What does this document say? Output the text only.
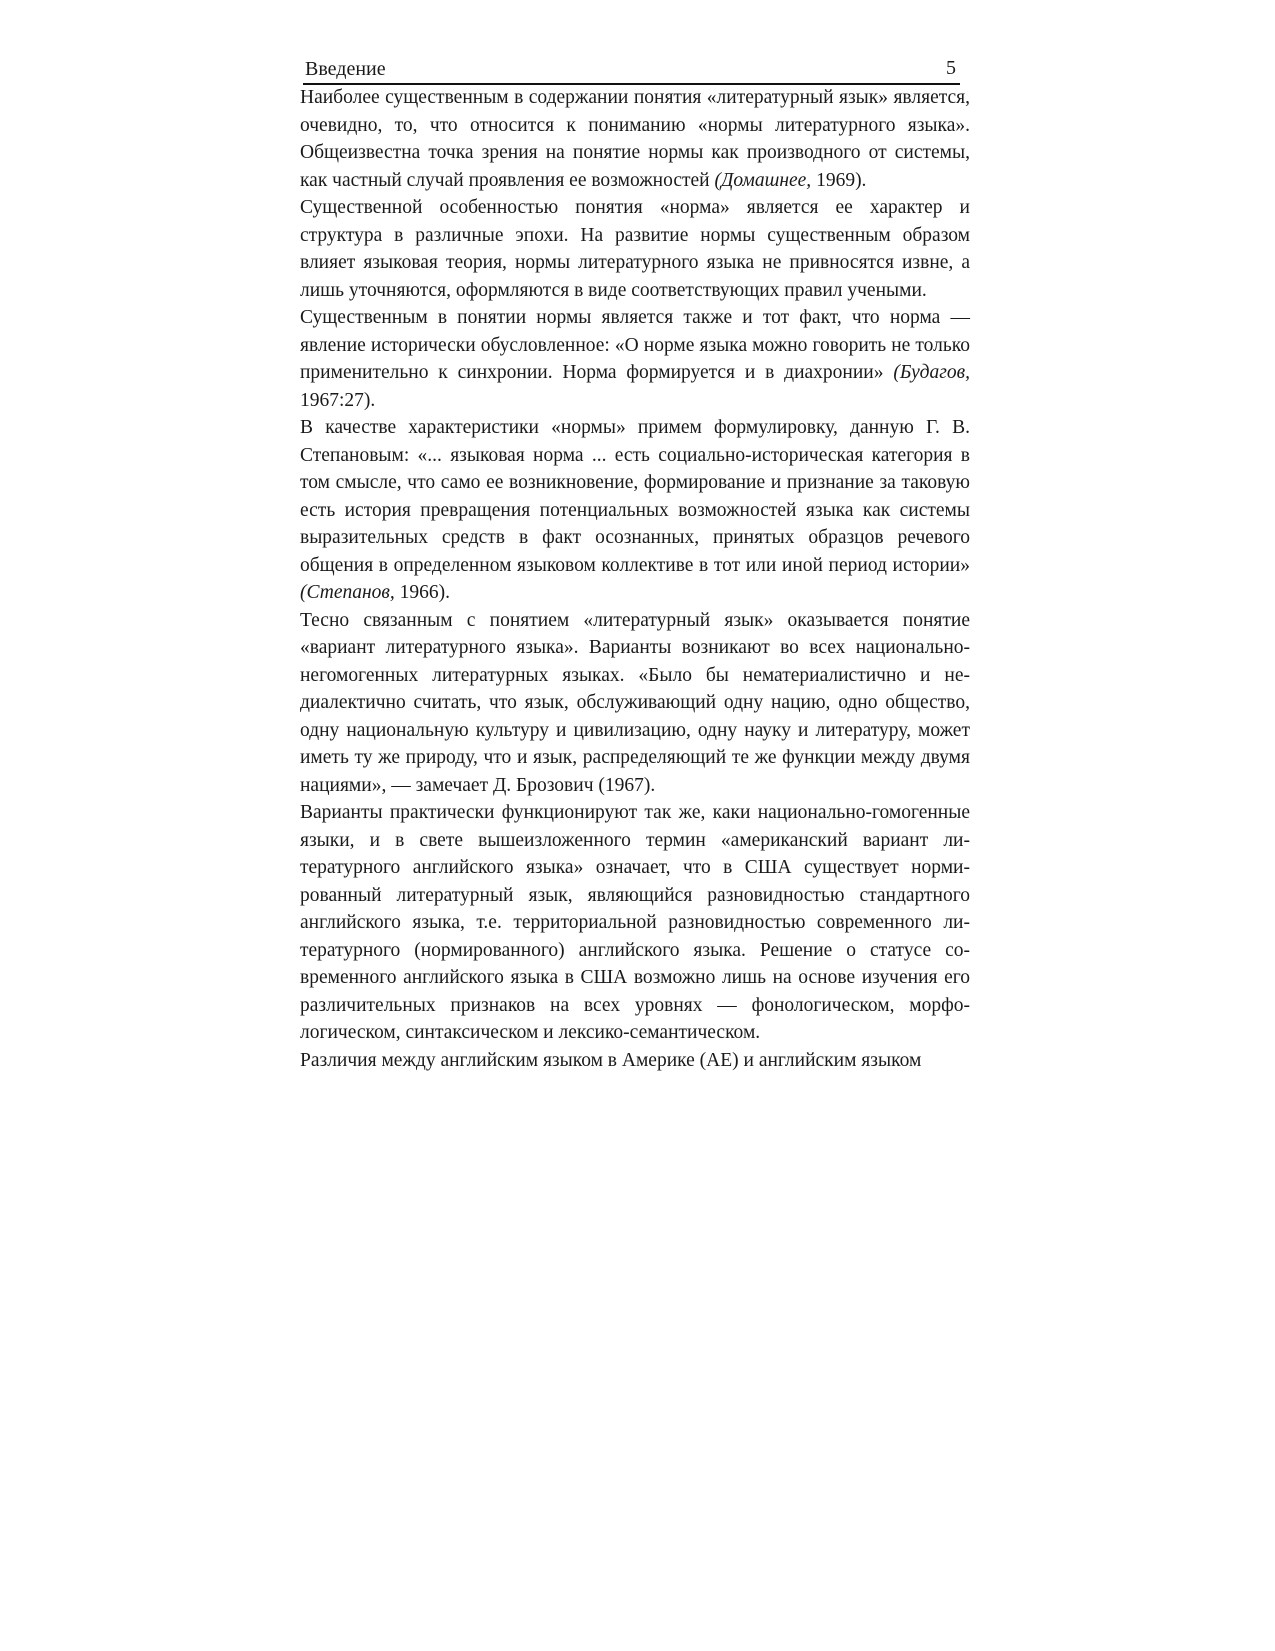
Введение	5

Наиболее существенным в содержании понятия «литературный язык» является, очевидно, то, что относится к пониманию «нормы литературного языка». Общеизвестна точка зрения на понятие нормы как производного от системы, как частный случай проявления ее возможностей (Домашнее, 1969).

Существенной особенностью понятия «норма» является ее характер и структура в различные эпохи. На развитие нормы существенным образом влияет языковая теория, нормы литературного языка не привносятся извне, а лишь уточняются, оформляются в виде соответствующих правил учеными.

Существенным в понятии нормы является также и тот факт, что норма — явление исторически обусловленное: «О норме языка можно говорить не только применительно к синхронии. Норма формируется и в диахронии» (Будагов, 1967:27).

В качестве характеристики «нормы» примем формулировку, данную Г. В. Степановым: «... языковая норма ... есть социально-историческая категория в том смысле, что само ее возникновение, формирование и признание за таковую есть история превращения потенциальных возможностей языка как системы выразительных средств в факт осознанных, принятых образцов речевого общения в определенном языковом коллективе в тот или иной период истории» (Степанов, 1966).

Тесно связанным с понятием «литературный язык» оказывается понятие «вариант литературного языка». Варианты возникают во всех национально-негомогенных литературных языках. «Было бы нематериалистично и недиалектично считать, что язык, обслуживающий одну нацию, одно общество, одну национальную культуру и цивилизацию, одну науку и литературу, может иметь ту же природу, что и язык, распределяющий те же функции между двумя нациями», — замечает Д. Брозович (1967).

Варианты практически функционируют так же, каки национально-гомогенные языки, и в свете вышеизложенного термин «американский вариант литературного английского языка» означает, что в США существует нормированный литературный язык, являющийся разновидностью стандартного английского языка, т.е. территориальной разновидностью современного литературного (нормированного) английского языка. Решение о статусе современного английского языка в США возможно лишь на основе изучения его различительных признаков на всех уровнях — фонологическом, морфологическом, синтаксическом и лексико-семантическом.

Различия между английским языком в Америке (АЕ) и английским языком
